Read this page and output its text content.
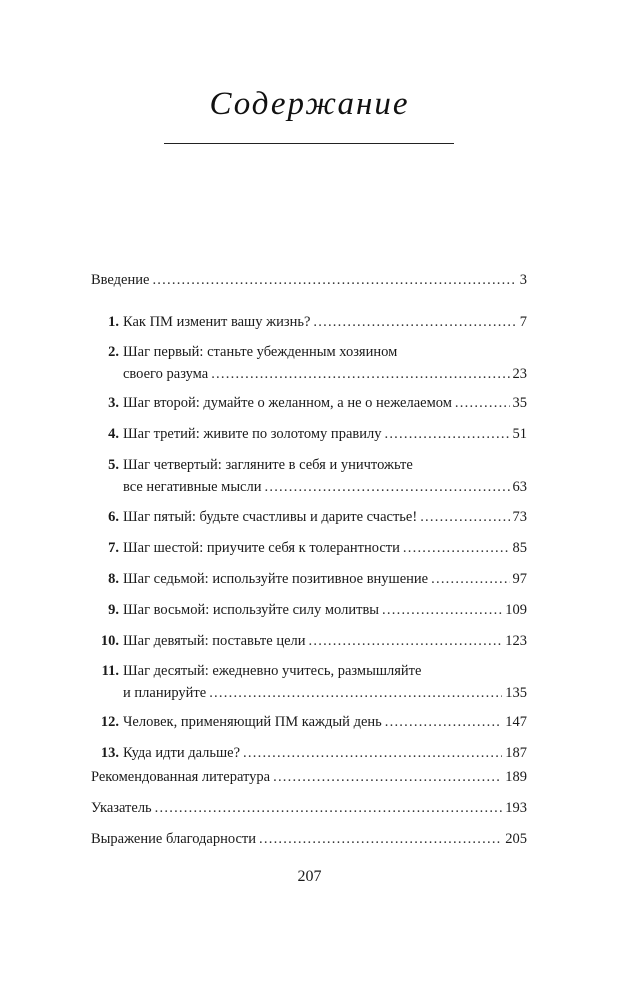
Содержание
Введение . . .	3
1. Как ПМ изменит вашу жизнь? . . .	7
2. Шаг первый: станьте убежденным хозяином
своего разума . . .	23
3. Шаг второй: думайте о желанном, а не о нежелаемом . . .	35
4. Шаг третий: живите по золотому правилу . . .	51
5. Шаг четвертый: загляните в себя и уничтожьте
все негативные мысли . . .	63
6. Шаг пятый: будьте счастливы и дарите счастье! . . .	73
7. Шаг шестой: приучите себя к толерантности . . .	85
8. Шаг седьмой: используйте позитивное внушение . . .	97
9. Шаг восьмой: используйте силу молитвы . . .	109
10. Шаг девятый: поставьте цели . . .	123
11. Шаг десятый: ежедневно учитесь, размышляйте
и планируйте . . .	135
12. Человек, применяющий ПМ каждый день . . .	147
13. Куда идти дальше? . . .	187
Рекомендованная литература . . .	189
Указатель . . .	193
Выражение благодарности . . .	205
207
